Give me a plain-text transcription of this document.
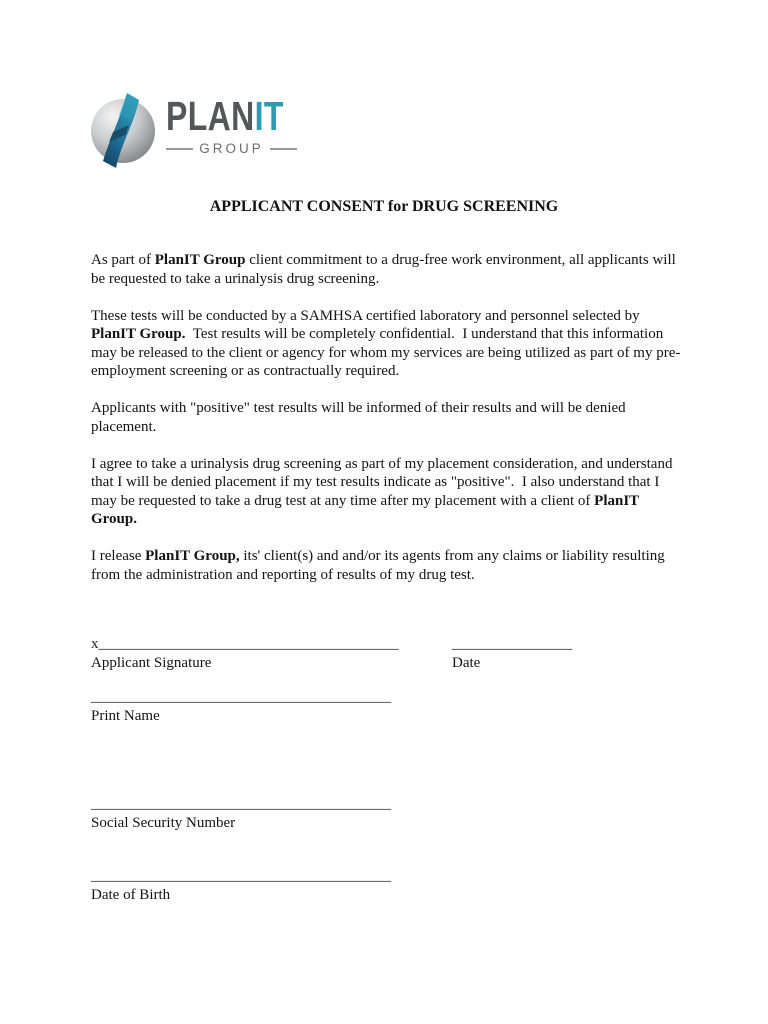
PLANIT
GROUP
APPLICANT CONSENT for DRUG SCREENING

As part of PlanIT Group client commitment to a drug-free work environment, all applicants will be requested to take a urinalysis drug screening.

These tests will be conducted by a SAMHSA certified laboratory and personnel selected by PlanIT Group.  Test results will be completely confidential.  I understand that this information may be released to the client or agency for whom my services are being utilized as part of my pre-employment screening or as contractually required.

Applicants with "positive" test results will be informed of their results and will be denied placement.

I agree to take a urinalysis drug screening as part of my placement consideration, and understand that I will be denied placement if my test results indicate as "positive".  I also understand that I may be requested to take a drug test at any time after my placement with a client of PlanIT Group.

I release PlanIT Group, its' client(s) and and/or its agents from any claims or liability resulting from the administration and reporting of results of my drug test.

x________________________________________
Applicant Signature
________________
Date
________________________________________
Print Name
________________________________________
Social Security Number
________________________________________
Date of Birth
